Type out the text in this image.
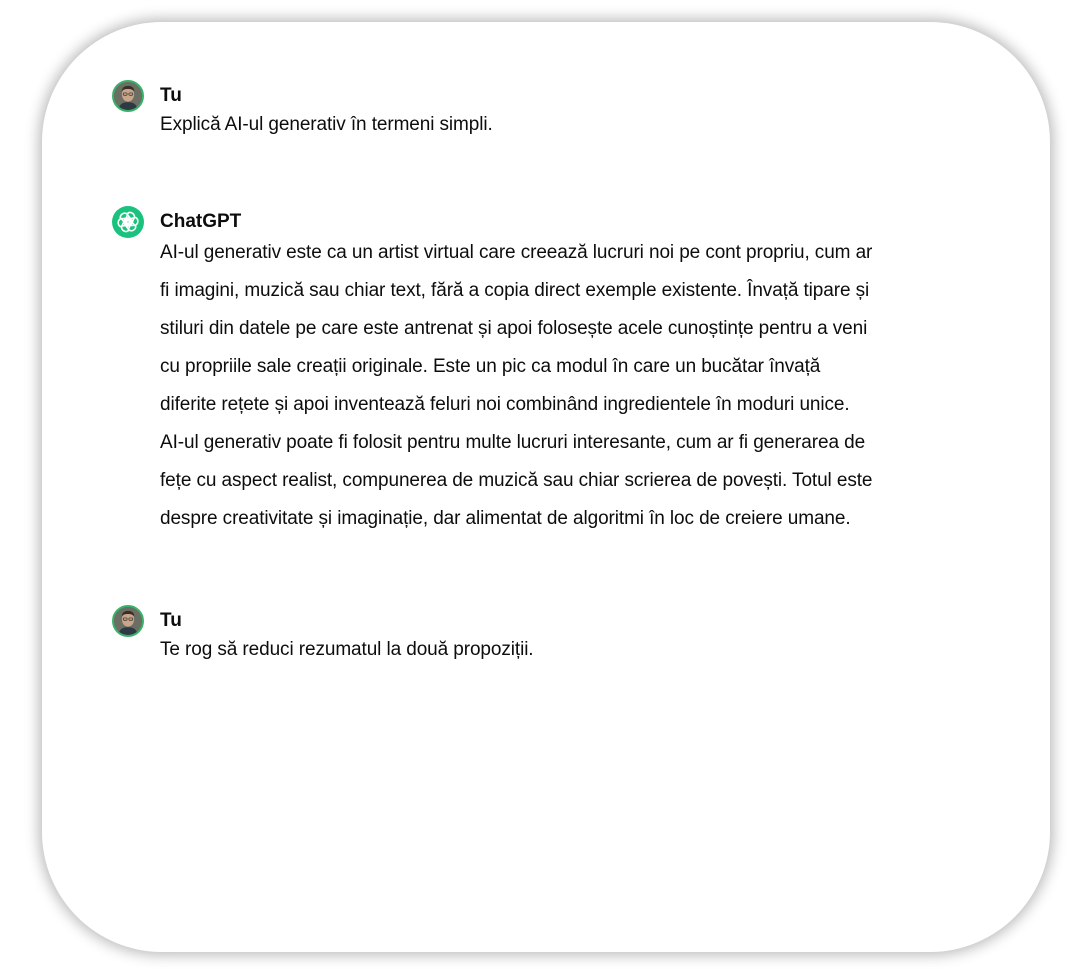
Tu
Explică AI-ul generativ în termeni simpli.
ChatGPT
AI-ul generativ este ca un artist virtual care creează lucruri noi pe cont propriu, cum ar
fi imagini, muzică sau chiar text, fără a copia direct exemple existente. Învață tipare și
stiluri din datele pe care este antrenat și apoi folosește acele cunoștințe pentru a veni
cu propriile sale creații originale. Este un pic ca modul în care un bucătar învață
diferite rețete și apoi inventează feluri noi combinând ingredientele în moduri unice.
AI-ul generativ poate fi folosit pentru multe lucruri interesante, cum ar fi generarea de
fețe cu aspect realist, compunerea de muzică sau chiar scrierea de povești. Totul este
despre creativitate și imaginație, dar alimentat de algoritmi în loc de creiere umane.
Tu
Te rog să reduci rezumatul la două propoziții.
